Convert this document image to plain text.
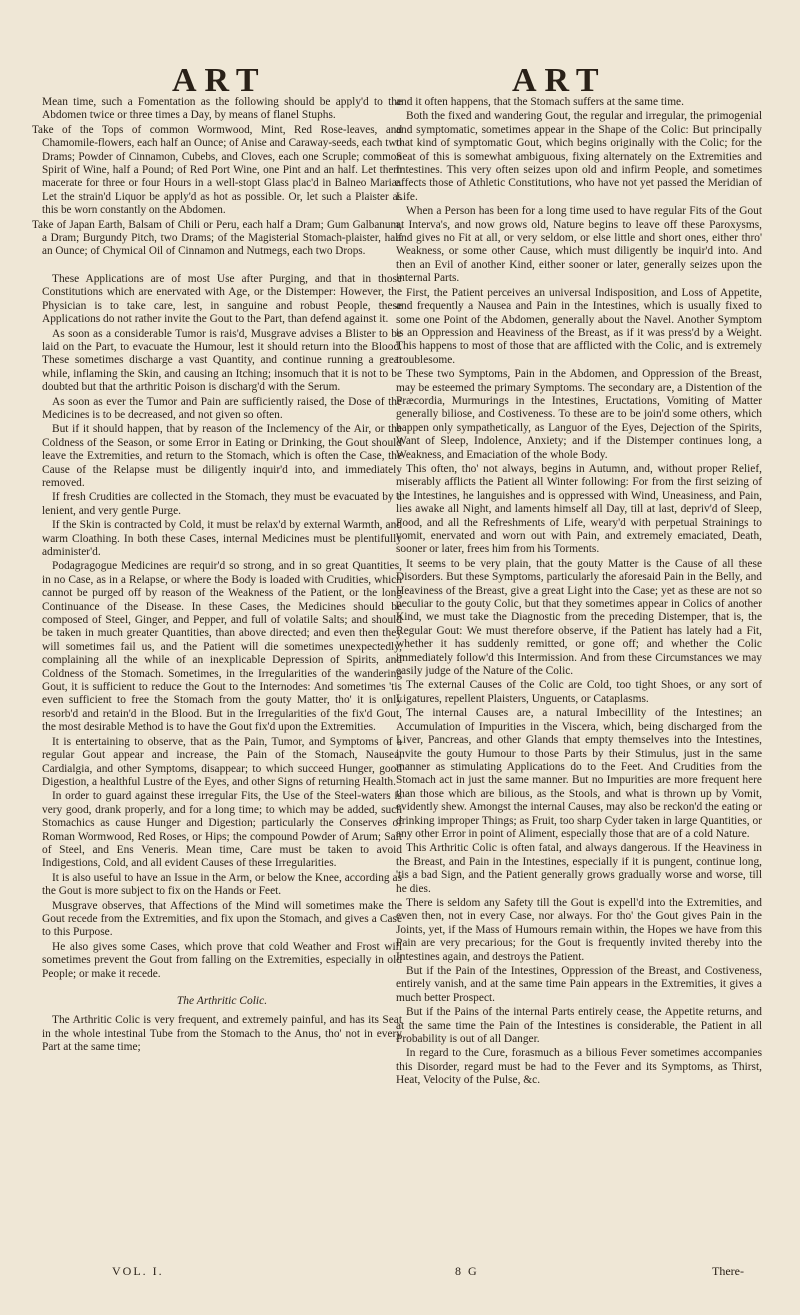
ART	ART

Mean time, such a Fomentation as the following should be apply'd to the Abdomen twice or three times a Day, by means of flanel Stuphs.

Take of the Tops of common Wormwood, Mint, Red Rose-leaves, and Chamomile-flowers, each half an Ounce; of Anise and Caraway-seeds, each two Drams; Powder of Cinnamon, Cubebs, and Cloves, each one Scruple; common Spirit of Wine, half a Pound; of Red Port Wine, one Pint and an half. Let them macerate for three or four Hours in a well-stopt Glass plac'd in Balneo Mariæ. Let the strain'd Liquor be apply'd as hot as possible. Or, let such a Plaister as this be worn constantly on the Abdomen.

Take of Japan Earth, Balsam of Chili or Peru, each half a Dram; Gum Galbanum, a Dram; Burgundy Pitch, two Drams; of the Magisterial Stomach-plaister, half an Ounce; of Chymical Oil of Cinnamon and Nutmegs, each two Drops.

These Applications are of most Use after Purging, and that in those Constitutions which are enervated with Age, or the Distemper: However, the Physician is to take care, lest, in sanguine and robust People, these Applications do not rather invite the Gout to the Part, than defend against it.

As soon as a considerable Tumor is rais'd, Musgrave advises a Blister to be laid on the Part, to evacuate the Humour, lest it should return into the Blood. These sometimes discharge a vast Quantity, and continue running a great while, inflaming the Skin, and causing an Itching; insomuch that it is not to be doubted but that the arthritic Poison is discharg'd with the Serum.

As soon as ever the Tumor and Pain are sufficiently raised, the Dose of the Medicines is to be decreased, and not given so often.

But if it should happen, that by reason of the Inclemency of the Air, or the Coldness of the Season, or some Error in Eating or Drinking, the Gout should leave the Extremities, and return to the Stomach, which is often the Case, the Cause of the Relapse must be diligently inquir'd into, and immediately removed.

If fresh Crudities are collected in the Stomach, they must be evacuated by a lenient, and very gentle Purge.

If the Skin is contracted by Cold, it must be relax'd by external Warmth, and warm Cloathing. In both these Cases, internal Medicines must be plentifully administer'd.

Podagragogue Medicines are requir'd so strong, and in so great Quantities, in no Case, as in a Relapse, or where the Body is loaded with Crudities, which cannot be purged off by reason of the Weakness of the Patient, or the long Continuance of the Disease. In these Cases, the Medicines should be composed of Steel, Ginger, and Pepper, and full of volatile Salts; and should be taken in much greater Quantities, than above directed; and even then they will sometimes fail us, and the Patient will die sometimes unexpectedly, complaining all the while of an inexplicable Depression of Spirits, and Coldness of the Stomach. Sometimes, in the Irregularities of the wandering Gout, it is sufficient to reduce the Gout to the Internodes: And sometimes 'tis even sufficient to free the Stomach from the gouty Matter, tho' it is only resorb'd and retain'd in the Blood. But in the Irregularities of the fix'd Gout, the most desirable Method is to have the Gout fix'd upon the Extremities.

It is entertaining to observe, that as the Pain, Tumor, and Symptoms of a regular Gout appear and increase, the Pain of the Stomach, Nausea, Cardialgia, and other Symptoms, disappear; to which succeed Hunger, good Digestion, a healthful Lustre of the Eyes, and other Signs of returning Health.

In order to guard against these irregular Fits, the Use of the Steel-waters is very good, drank properly, and for a long time; to which may be added, such Stomachics as cause Hunger and Digestion; particularly the Conserves of Roman Wormwood, Red Roses, or Hips; the compound Powder of Arum; Salt of Steel, and Ens Veneris. Mean time, Care must be taken to avoid Indigestions, Cold, and all evident Causes of these Irregularities.

It is also useful to have an Issue in the Arm, or below the Knee, according as the Gout is more subject to fix on the Hands or Feet.

Musgrave observes, that Affections of the Mind will sometimes make the Gout recede from the Extremities, and fix upon the Stomach, and gives a Case to this Purpose.

He also gives some Cases, which prove that cold Weather and Frost will sometimes prevent the Gout from falling on the Extremities, especially in old People; or make it recede.

The Arthritic Colic.

The Arthritic Colic is very frequent, and extremely painful, and has its Seat in the whole intestinal Tube from the Stomach to the Anus, tho' not in every Part at the same time;

and it often happens, that the Stomach suffers at the same time.

Both the fixed and wandering Gout, the regular and irregular, the primogenial and symptomatic, sometimes appear in the Shape of the Colic: But principally that kind of symptomatic Gout, which begins originally with the Colic; for the Seat of this is somewhat ambiguous, fixing alternately on the Extremities and Intestines. This very often seizes upon old and infirm People, and sometimes affects those of Athletic Constitutions, who have not yet passed the Meridian of Life.

When a Person has been for a long time used to have regular Fits of the Gout at Interva's, and now grows old, Nature begins to leave off these Paroxysms, and gives no Fit at all, or very seldom, or else little and short ones, either thro' Weakness, or some other Cause, which must diligently be inquir'd into. And then an Evil of another Kind, either sooner or later, generally seizes upon the internal Parts.

First, the Patient perceives an universal Indisposition, and Loss of Appetite, and frequently a Nausea and Pain in the Intestines, which is usually fixed to some one Point of the Abdomen, generally about the Navel. Another Symptom is an Oppression and Heaviness of the Breast, as if it was press'd by a Weight. This happens to most of those that are afflicted with the Colic, and is extremely troublesome.

These two Symptoms, Pain in the Abdomen, and Oppression of the Breast, may be esteemed the primary Symptoms. The secondary are, a Distention of the Præcordia, Murmurings in the Intestines, Eructations, Vomiting of Matter generally biliose, and Costiveness. To these are to be join'd some others, which happen only sympathetically, as Languor of the Eyes, Dejection of the Spirits, Want of Sleep, Indolence, Anxiety; and if the Distemper continues long, a Weakness, and Emaciation of the whole Body.

This often, tho' not always, begins in Autumn, and, without proper Relief, miserably afflicts the Patient all Winter following: For from the first seizing of the Intestines, he languishes and is oppressed with Wind, Uneasiness, and Pain, lies awake all Night, and laments himself all Day, till at last, depriv'd of Sleep, Food, and all the Refreshments of Life, weary'd with perpetual Strainings to vomit, enervated and worn out with Pain, and extremely emaciated, Death, sooner or later, frees him from his Torments.

It seems to be very plain, that the gouty Matter is the Cause of all these Disorders. But these Symptoms, particularly the aforesaid Pain in the Belly, and Heaviness of the Breast, give a great Light into the Case; yet as these are not so peculiar to the gouty Colic, but that they sometimes appear in Colics of another Kind, we must take the Diagnostic from the preceding Distemper, that is, the Regular Gout: We must therefore observe, if the Patient has lately had a Fit, whether it has suddenly remitted, or gone off; and whether the Colic immediately follow'd this Intermission. And from these Circumstances we may easily judge of the Nature of the Colic.

The external Causes of the Colic are Cold, too tight Shoes, or any sort of Ligatures, repellent Plaisters, Unguents, or Cataplasms.

The internal Causes are, a natural Imbecillity of the Intestines; an Accumulation of Impurities in the Viscera, which, being discharged from the Liver, Pancreas, and other Glands that empty themselves into the Intestines, invite the gouty Humour to those Parts by their Stimulus, just in the same manner as stimulating Applications do to the Feet. And Crudities from the Stomach act in just the same manner. But no Impurities are more frequent here than those which are bilious, as the Stools, and what is thrown up by Vomit, evidently shew. Amongst the internal Causes, may also be reckon'd the eating or drinking improper Things; as Fruit, too sharp Cyder taken in large Quantities, or any other Error in point of Aliment, especially those that are of a cold Nature.

This Arthritic Colic is often fatal, and always dangerous. If the Heaviness in the Breast, and Pain in the Intestines, especially if it is pungent, continue long, 'tis a bad Sign, and the Patient generally grows gradually worse and worse, till he dies.

There is seldom any Safety till the Gout is expell'd into the Extremities, and even then, not in every Case, nor always. For tho' the Gout gives Pain in the Joints, yet, if the Mass of Humours remain within, the Hopes we have from this Pain are very precarious; for the Gout is frequently invited thereby into the Intestines again, and destroys the Patient.

But if the Pain of the Intestines, Oppression of the Breast, and Costiveness, entirely vanish, and at the same time Pain appears in the Extremities, it gives a much better Prospect.

But if the Pains of the internal Parts entirely cease, the Appetite returns, and at the same time the Pain of the Intestines is considerable, the Patient in all Probability is out of all Danger.

In regard to the Cure, forasmuch as a bilious Fever sometimes accompanies this Disorder, regard must be had to the Fever and its Symptoms, as Thirst, Heat, Velocity of the Pulse, &c.

VOL. I.	8 G	There-
